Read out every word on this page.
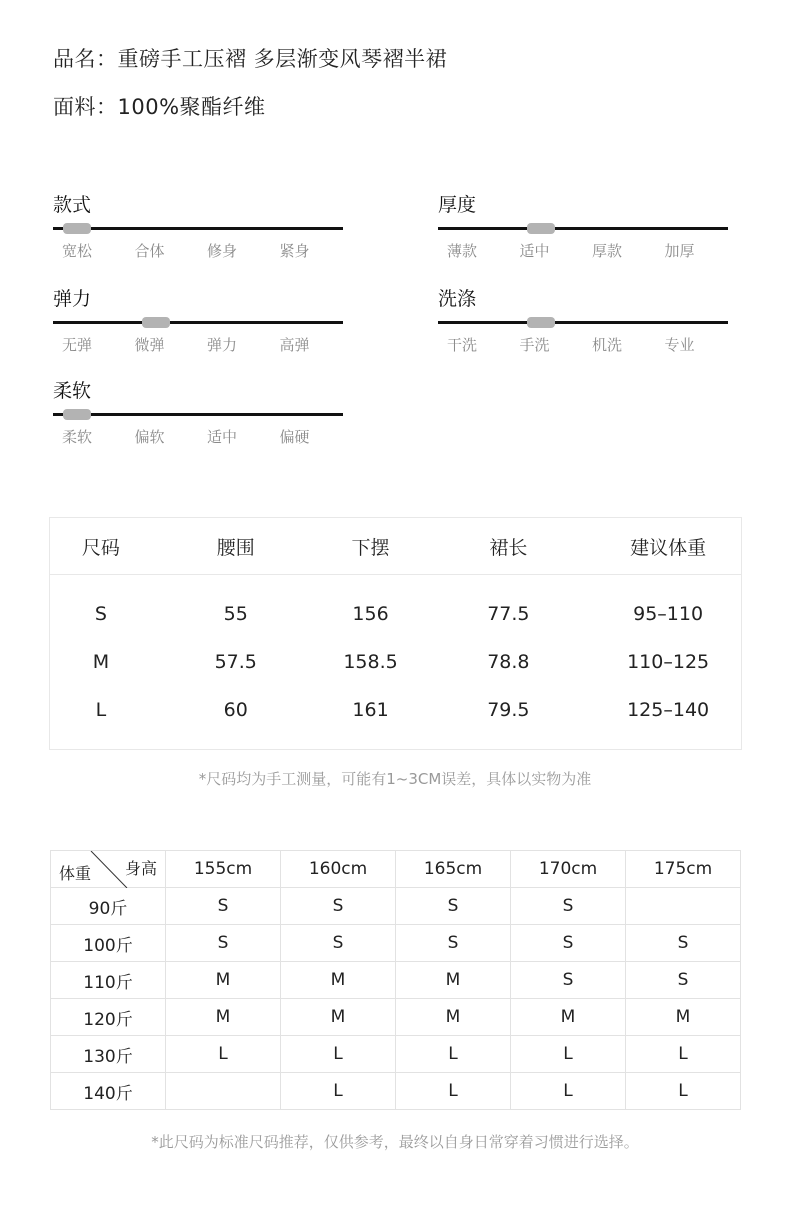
品名：重磅手工压褶 多层渐变风琴褶半裙
面料：100%聚酯纤维
款式
宽松	合体	修身	紧身
厚度
薄款	适中	厚款	加厚
弹力
无弹	微弹	弹力	高弹
洗涤
干洗	手洗	机洗	专业
柔软
柔软	偏软	适中	偏硬
尺码	腰围	下摆	裙长	建议体重
S	55	156	77.5	95–110
M	57.5	158.5	78.8	110–125
L	60	161	79.5	125–140
*尺码均为手工测量，可能有1~3CM误差，具体以实物为准
体重 身高	155cm	160cm	165cm	170cm	175cm
90斤	S	S	S	S	
100斤	S	S	S	S	S
110斤	M	M	M	S	S
120斤	M	M	M	M	M
130斤	L	L	L	L	L
140斤		L	L	L	L
*此尺码为标准尺码推荐，仅供参考，最终以自身日常穿着习惯进行选择。
